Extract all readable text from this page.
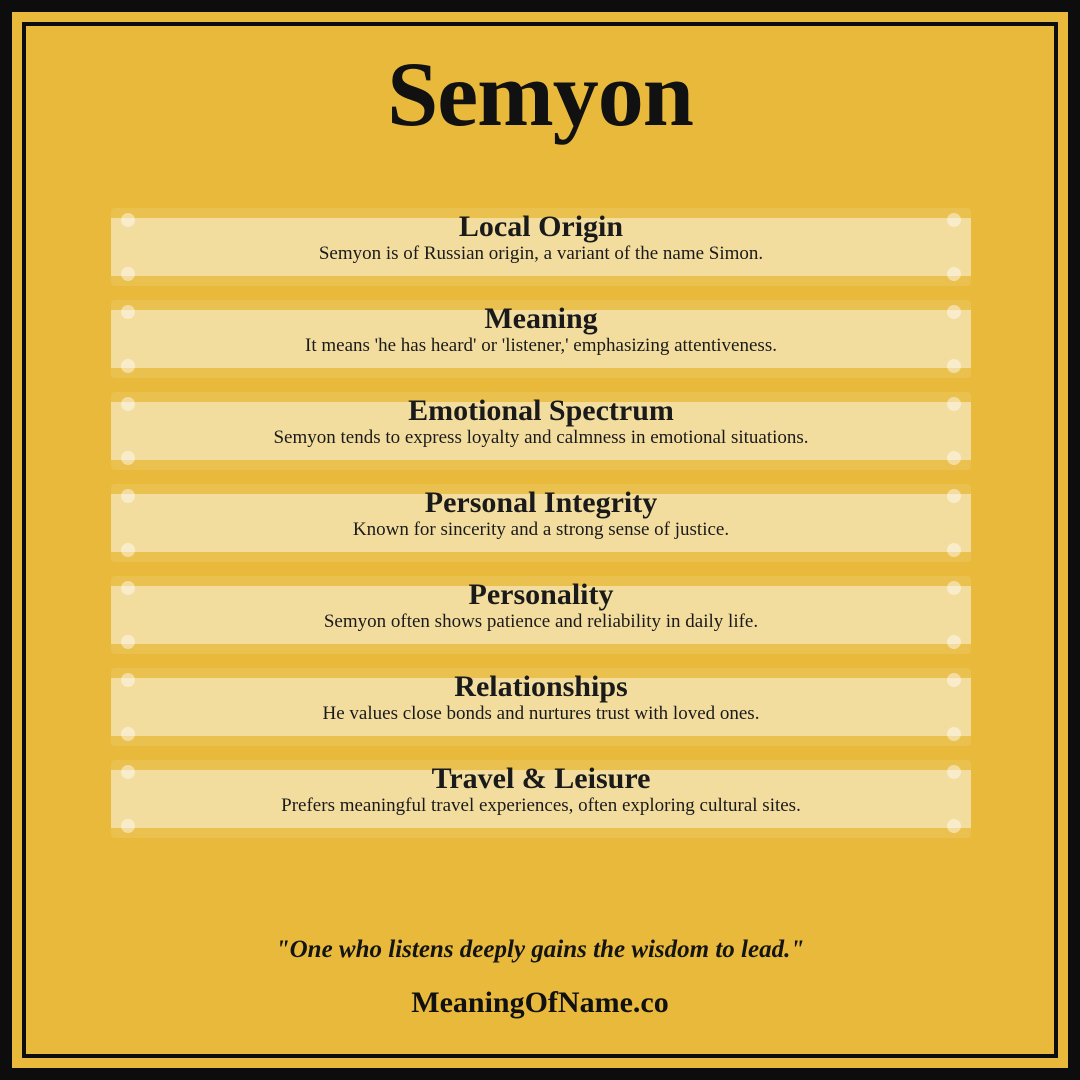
Semyon
Local Origin
Semyon is of Russian origin, a variant of the name Simon.
Meaning
It means 'he has heard' or 'listener,' emphasizing attentiveness.
Emotional Spectrum
Semyon tends to express loyalty and calmness in emotional situations.
Personal Integrity
Known for sincerity and a strong sense of justice.
Personality
Semyon often shows patience and reliability in daily life.
Relationships
He values close bonds and nurtures trust with loved ones.
Travel & Leisure
Prefers meaningful travel experiences, often exploring cultural sites.
"One who listens deeply gains the wisdom to lead."
MeaningOfName.co
